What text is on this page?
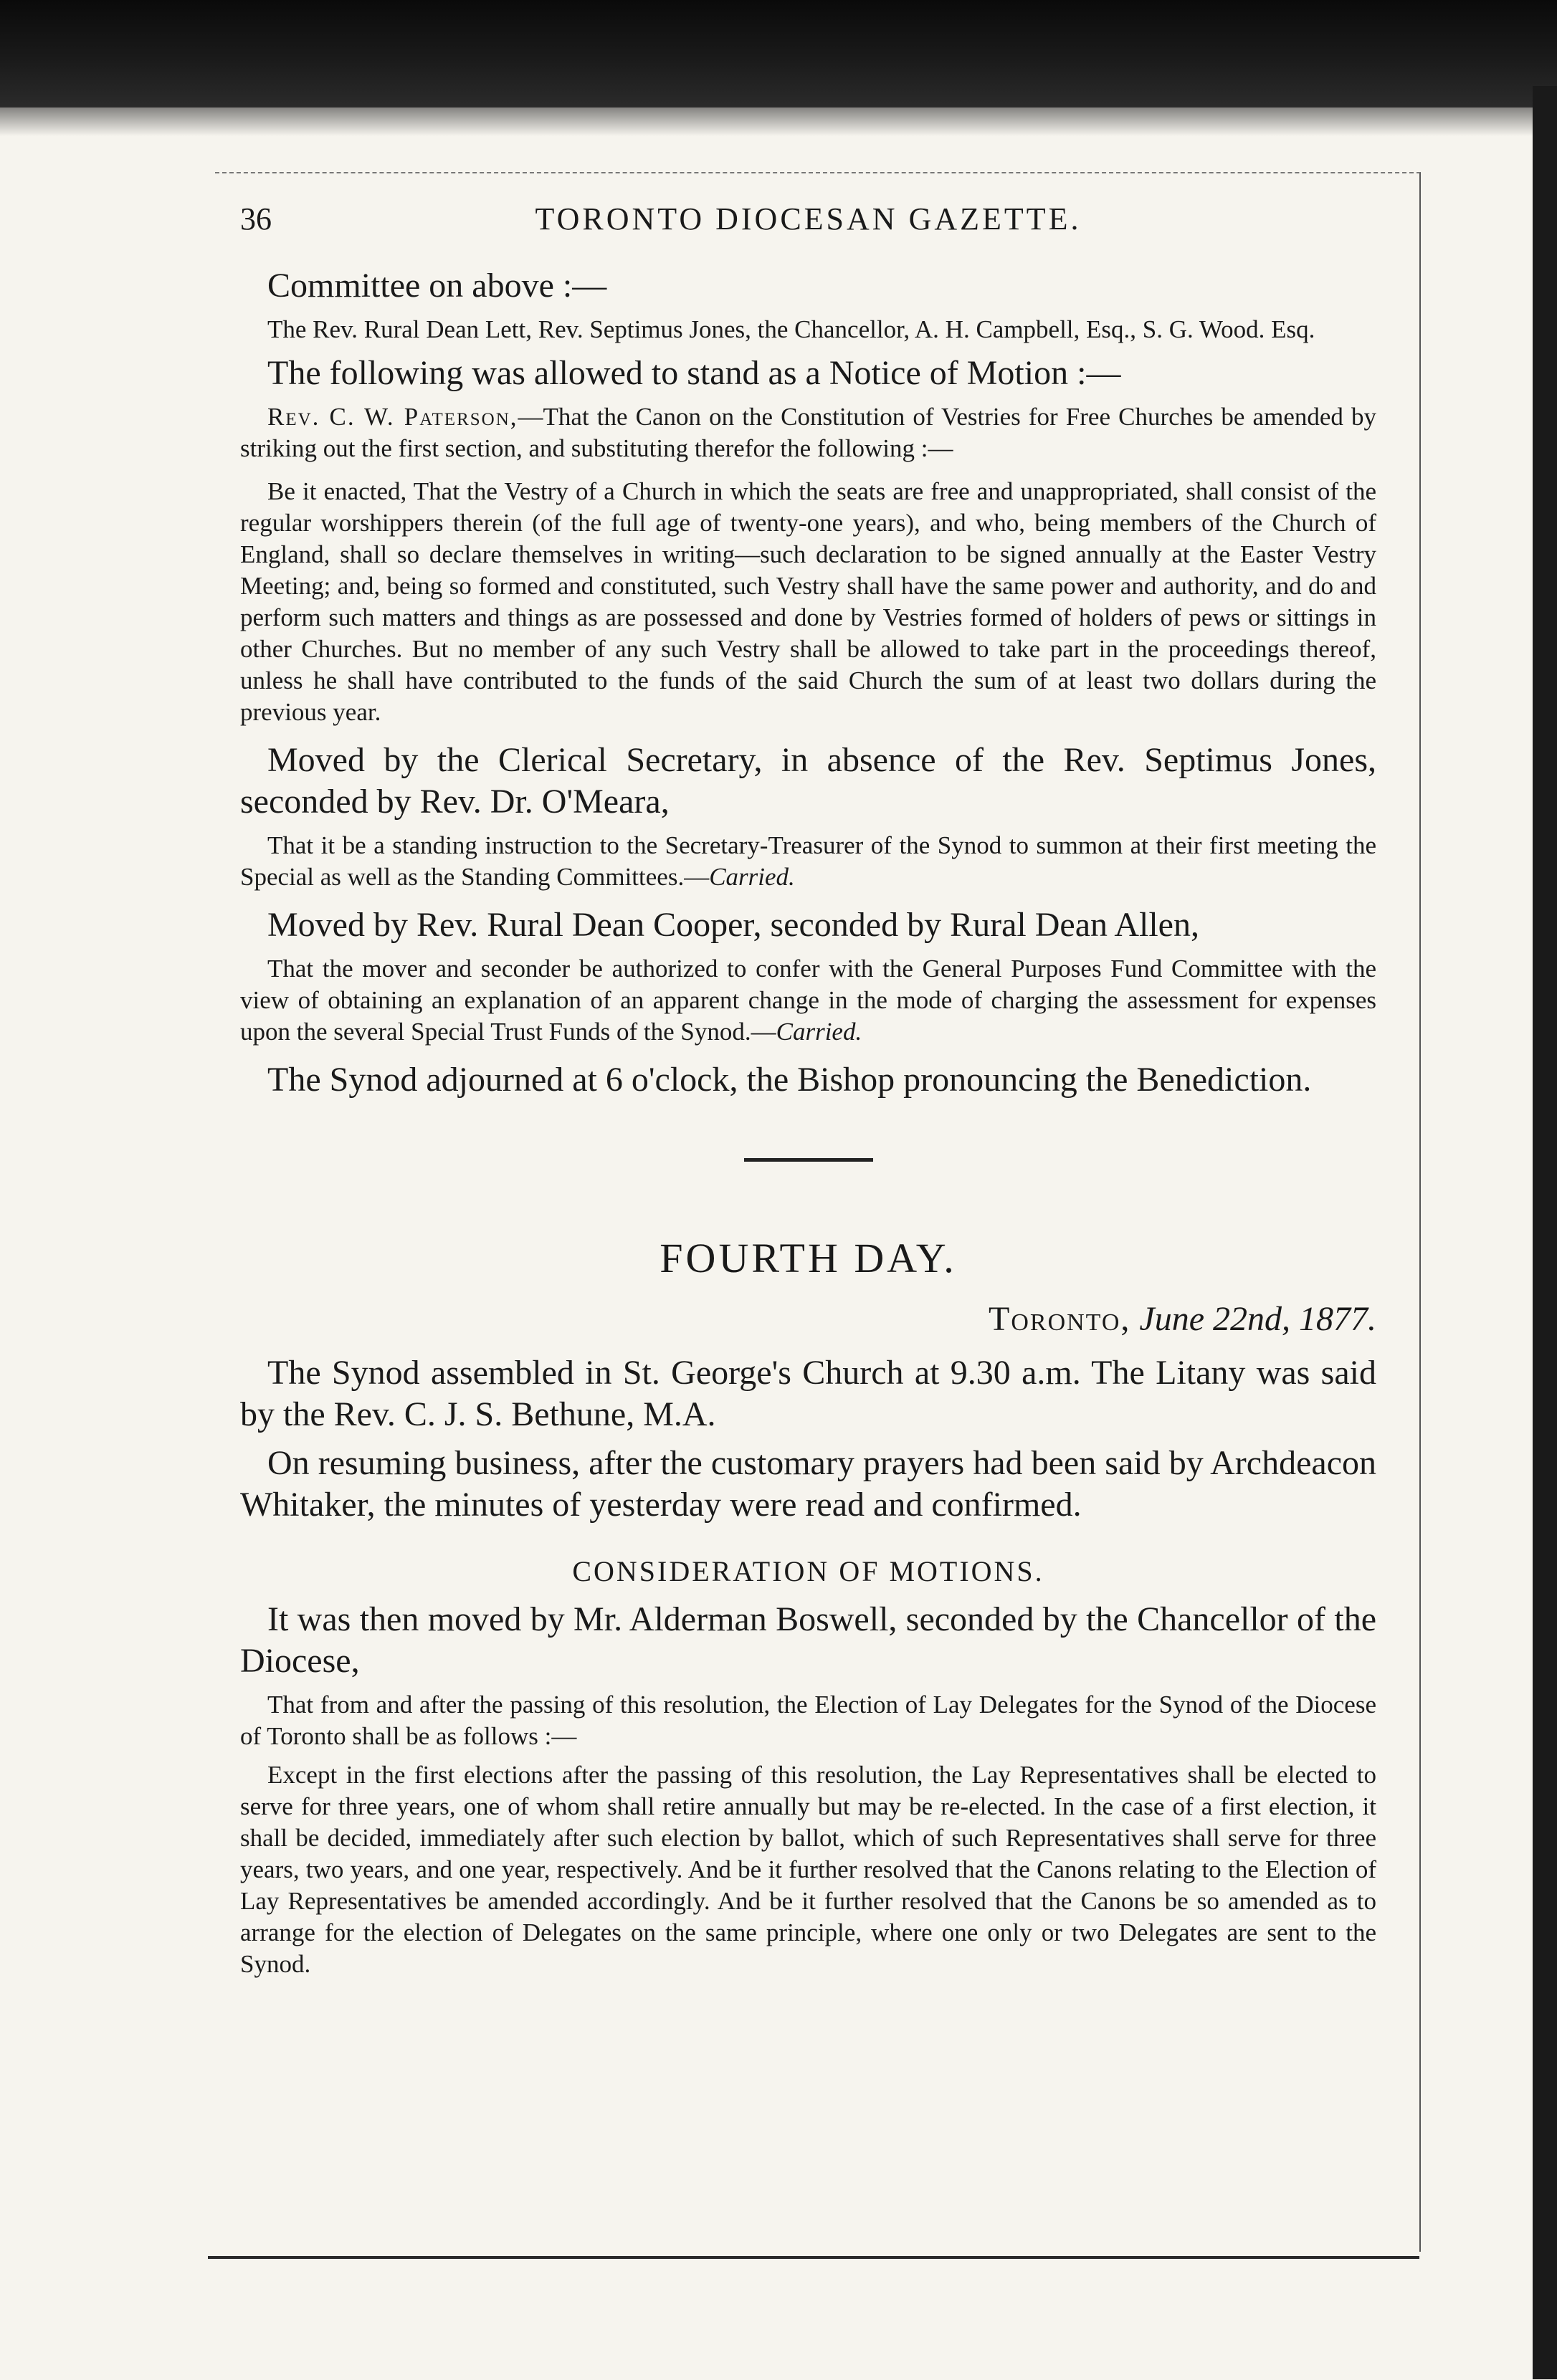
36	TORONTO DIOCESAN GAZETTE.

Committee on above :—

The Rev. Rural Dean Lett, Rev. Septimus Jones, the Chancellor, A. H. Campbell, Esq., S. G. Wood. Esq.

The following was allowed to stand as a Notice of Motion :—

Rev. C. W. Paterson,—That the Canon on the Constitution of Vestries for Free Churches be amended by striking out the first section, and substituting therefor the following :—

Be it enacted, That the Vestry of a Church in which the seats are free and unappropriated, shall consist of the regular worshippers therein (of the full age of twenty-one years), and who, being members of the Church of England, shall so declare themselves in writing—such declaration to be signed annually at the Easter Vestry Meeting; and, being so formed and constituted, such Vestry shall have the same power and authority, and do and perform such matters and things as are possessed and done by Vestries formed of holders of pews or sittings in other Churches. But no member of any such Vestry shall be allowed to take part in the proceedings thereof, unless he shall have contributed to the funds of the said Church the sum of at least two dollars during the previous year.

Moved by the Clerical Secretary, in absence of the Rev. Septimus Jones, seconded by Rev. Dr. O'Meara,

That it be a standing instruction to the Secretary-Treasurer of the Synod to summon at their first meeting the Special as well as the Standing Committees.—Carried.

Moved by Rev. Rural Dean Cooper, seconded by Rural Dean Allen,

That the mover and seconder be authorized to confer with the General Purposes Fund Committee with the view of obtaining an explanation of an apparent change in the mode of charging the assessment for expenses upon the several Special Trust Funds of the Synod.—Carried.

The Synod adjourned at 6 o'clock, the Bishop pronouncing the Benediction.

FOURTH DAY.
Toronto, June 22nd, 1877.

The Synod assembled in St. George's Church at 9.30 a.m. The Litany was said by the Rev. C. J. S. Bethune, M.A.

On resuming business, after the customary prayers had been said by Archdeacon Whitaker, the minutes of yesterday were read and confirmed.

CONSIDERATION OF MOTIONS.

It was then moved by Mr. Alderman Boswell, seconded by the Chancellor of the Diocese,

That from and after the passing of this resolution, the Election of Lay Delegates for the Synod of the Diocese of Toronto shall be as follows :—

Except in the first elections after the passing of this resolution, the Lay Representatives shall be elected to serve for three years, one of whom shall retire annually but may be re-elected. In the case of a first election, it shall be decided, immediately after such election by ballot, which of such Representatives shall serve for three years, two years, and one year, respectively. And be it further resolved that the Canons relating to the Election of Lay Representatives be amended accordingly. And be it further resolved that the Canons be so amended as to arrange for the election of Delegates on the same principle, where one only or two Delegates are sent to the Synod.
